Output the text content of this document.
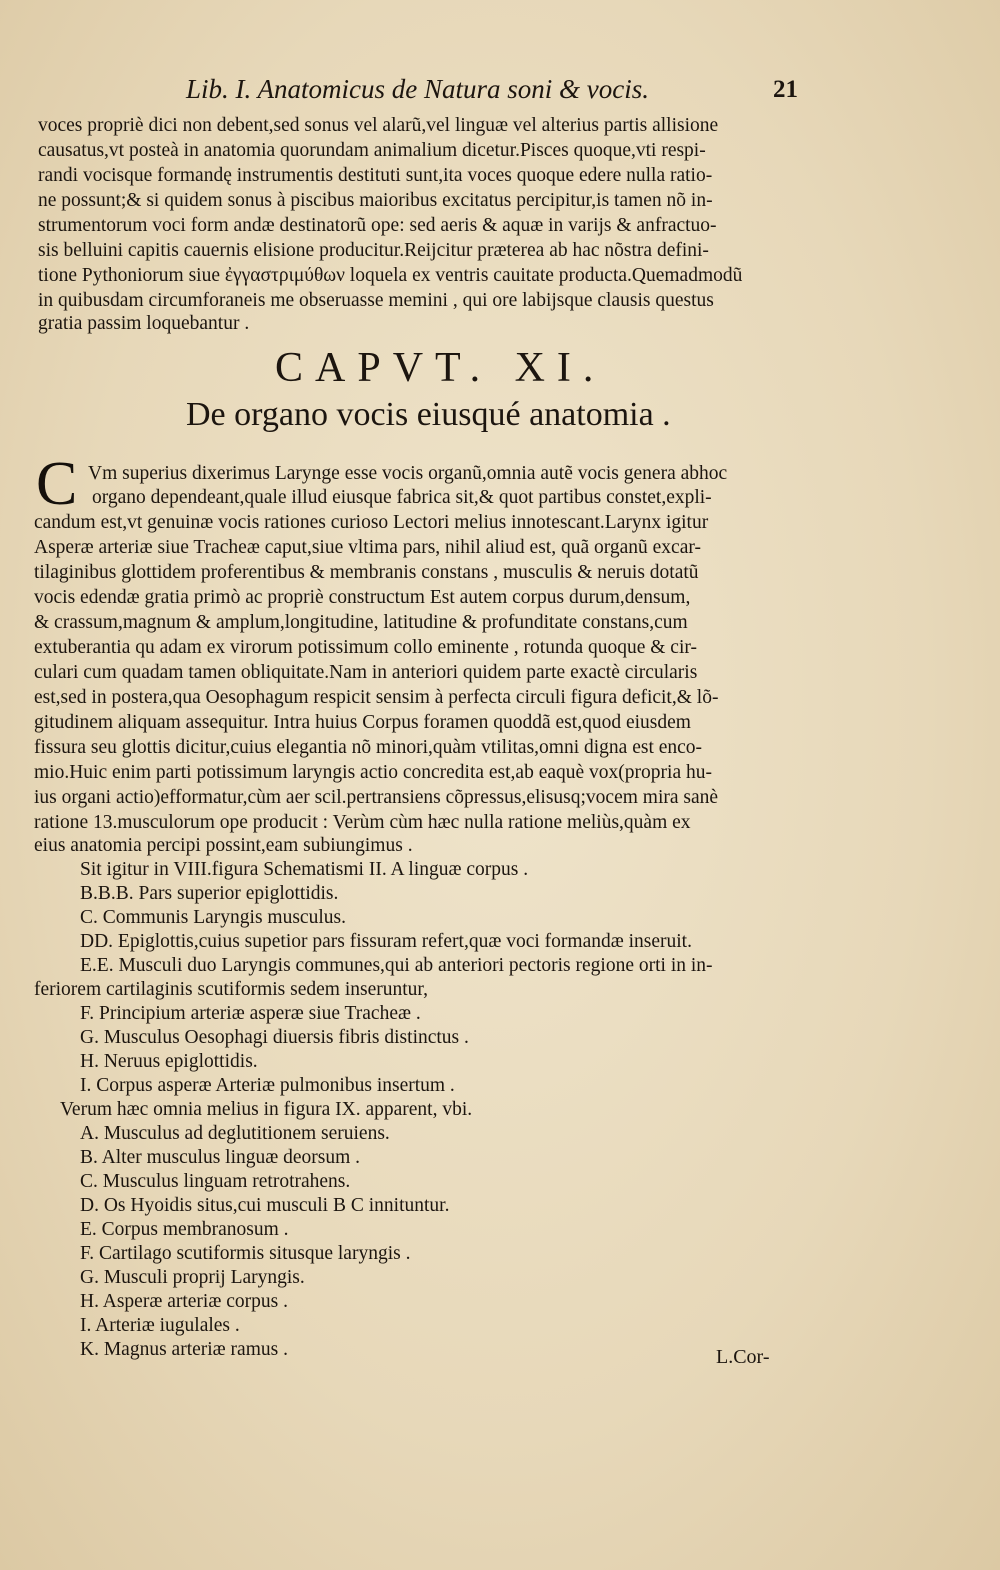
Lib. I. Anatomicus de Natura soni & vocis.	21
voces propriè dici non debent,sed sonus vel alarũ,vel linguæ vel alterius partis allisione
causatus,vt posteà in anatomia quorundam animalium dicetur.Pisces quoque,vti respi-
randi vocisque formandę instrumentis destituti sunt,ita voces quoque edere nulla ratio-
ne possunt;& si quidem sonus à piscibus maioribus excitatus percipitur,is tamen nõ in-
strumentorum voci form andæ destinatorũ ope: sed aeris & aquæ in varijs & anfractuo-
sis belluini capitis cauernis elisione producitur.Reijcitur præterea ab hac nõstra defini-
tione Pythoniorum siue ἐγγαστριμύθων loquela ex ventris cauitate producta.Quemadmodũ
in quibusdam circumforaneis me obseruasse memini , qui ore labijsque clausis questus
gratia passim loquebantur .
CAPVT. XI.
De organo vocis eiusqué anatomia .
C Vm superius dixerimus Larynge esse vocis organũ,omnia autẽ vocis genera abhoc
organo dependeant,quale illud eiusque fabrica sit,& quot partibus constet,expli-
candum est,vt genuinæ vocis rationes curioso Lectori melius innotescant.Larynx igitur
Asperæ arteriæ siue Tracheæ caput,siue vltima pars, nihil aliud est, quã organũ excar-
tilaginibus glottidem proferentibus & membranis constans , musculis & neruis dotatũ
vocis edendæ gratia primò ac propriè constructum Est autem corpus durum,densum,
& crassum,magnum & amplum,longitudine, latitudine & profunditate constans,cum
extuberantia qu adam ex virorum potissimum collo eminente , rotunda quoque & cir-
culari cum quadam tamen obliquitate.Nam in anteriori quidem parte exactè circularis
est,sed in postera,qua Oesophagum respicit sensim à perfecta circuli figura deficit,& lõ-
gitudinem aliquam assequitur. Intra huius Corpus foramen quoddã est,quod eiusdem
fissura seu glottis dicitur,cuius elegantia nõ minori,quàm vtilitas,omni digna est enco-
mio.Huic enim parti potissimum laryngis actio concredita est,ab eaquè vox(propria hu-
ius organi actio)efformatur,cùm aer scil.pertransiens cõpressus,elisusq;vocem mira sanè
ratione 13.musculorum ope producit : Verùm cùm hæc nulla ratione meliùs,quàm ex
eius anatomia percipi possint,eam subiungimus .
Sit igitur in VIII.figura Schematismi II. A linguæ corpus .
B.B.B. Pars superior epiglottidis.
C. Communis Laryngis musculus.
DD. Epiglottis,cuius supetior pars fissuram refert,quæ voci formandæ inseruit.
E.E. Musculi duo Laryngis communes,qui ab anteriori pectoris regione orti in in-
feriorem cartilaginis scutiformis sedem inseruntur,
F. Principium arteriæ asperæ siue Tracheæ .
G. Musculus Oesophagi diuersis fibris distinctus .
H. Neruus epiglottidis.
I. Corpus asperæ Arteriæ pulmonibus insertum .
Verum hæc omnia melius in figura IX. apparent, vbi.
A. Musculus ad deglutitionem seruiens.
B. Alter musculus linguæ deorsum .
C. Musculus linguam retrotrahens.
D. Os Hyoidis situs,cui musculi B C innituntur.
E. Corpus membranosum .
F. Cartilago scutiformis situsque laryngis .
G. Musculi proprij Laryngis.
H. Asperæ arteriæ corpus .
I. Arteriæ iugulales .
K. Magnus arteriæ ramus .	L.Cor-
